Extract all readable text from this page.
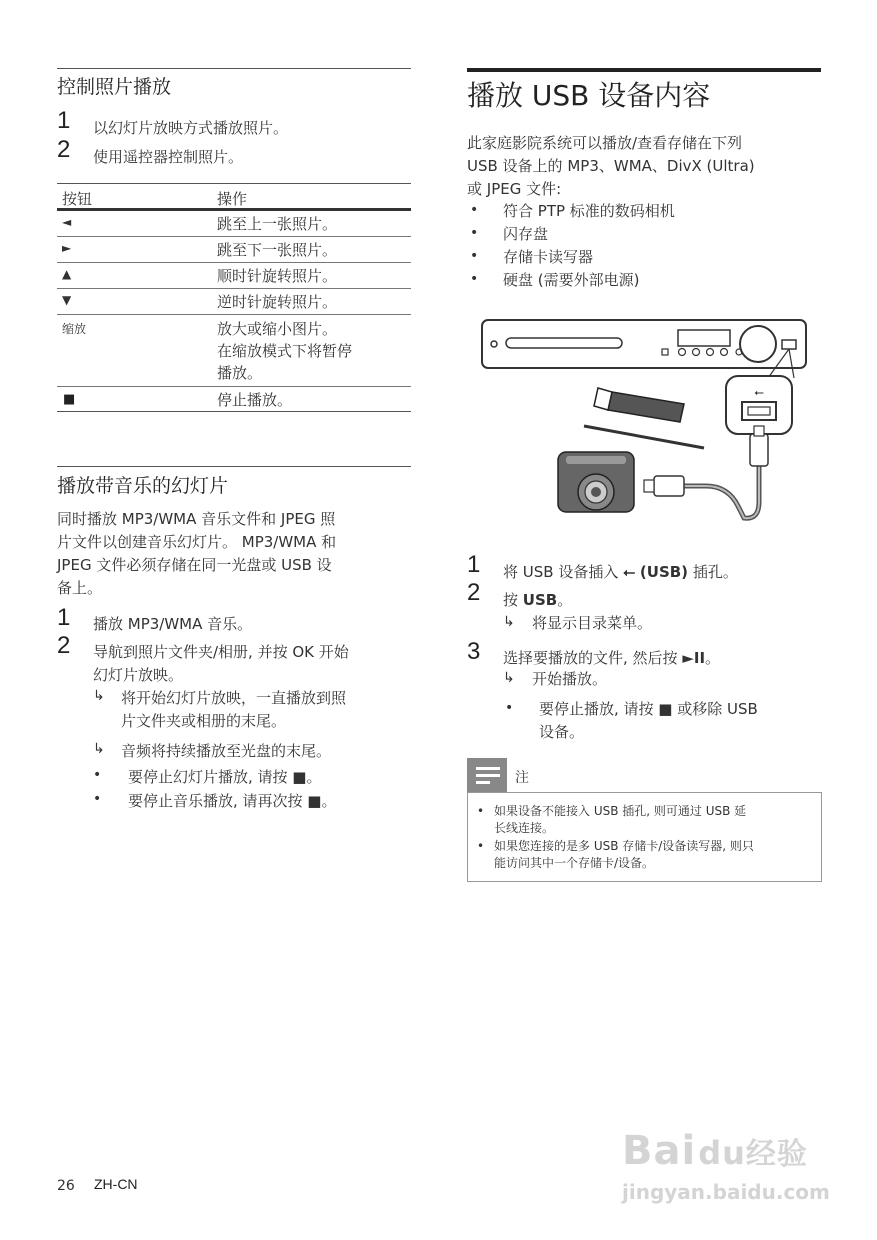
控制照片播放
1 以幻灯片放映方式播放照片。
2 使用遥控器控制照片。
按钮	操作
◄	跳至上一张照片。
►	跳至下一张照片。
▲	顺时针旋转照片。
▼	逆时针旋转照片。
缩放	放大或缩小图片。
在缩放模式下将暂停
播放。
■	停止播放。
播放带音乐的幻灯片
同时播放 MP3/WMA 音乐文件和 JPEG 照
片文件以创建音乐幻灯片。 MP3/WMA 和
JPEG 文件必须存储在同一光盘或 USB 设
备上。
1 播放 MP3/WMA 音乐。
2 导航到照片文件夹/相册, 并按 OK 开始
幻灯片放映。
↳ 将开始幻灯片放映，一直播放到照
片文件夹或相册的末尾。
↳ 音频将持续播放至光盘的末尾。
• 要停止幻灯片播放, 请按 ■。
• 要停止音乐播放, 请再次按 ■。
播放 USB 设备内容
此家庭影院系统可以播放/查看存储在下列
USB 设备上的 MP3、WMA、DivX (Ultra)
或 JPEG 文件:
• 符合 PTP 标准的数码相机
• 闪存盘
• 存储卡读写器
• 硬盘 (需要外部电源)
⭠
1 将 USB 设备插入 ⭠ (USB) 插孔。
2 按 USB。
↳ 将显示目录菜单。
3 选择要播放的文件, 然后按 ►II。
↳ 开始播放。
• 要停止播放, 请按 ■ 或移除 USB
设备。
注
• 如果设备不能接入 USB 插孔, 则可通过 USB 延
长线连接。
• 如果您连接的是多 USB 存储卡/设备读写器, 则只
能访问其中一个存储卡/设备。
26 ZH-CN
Baidu经验
jingyan.baidu.com
